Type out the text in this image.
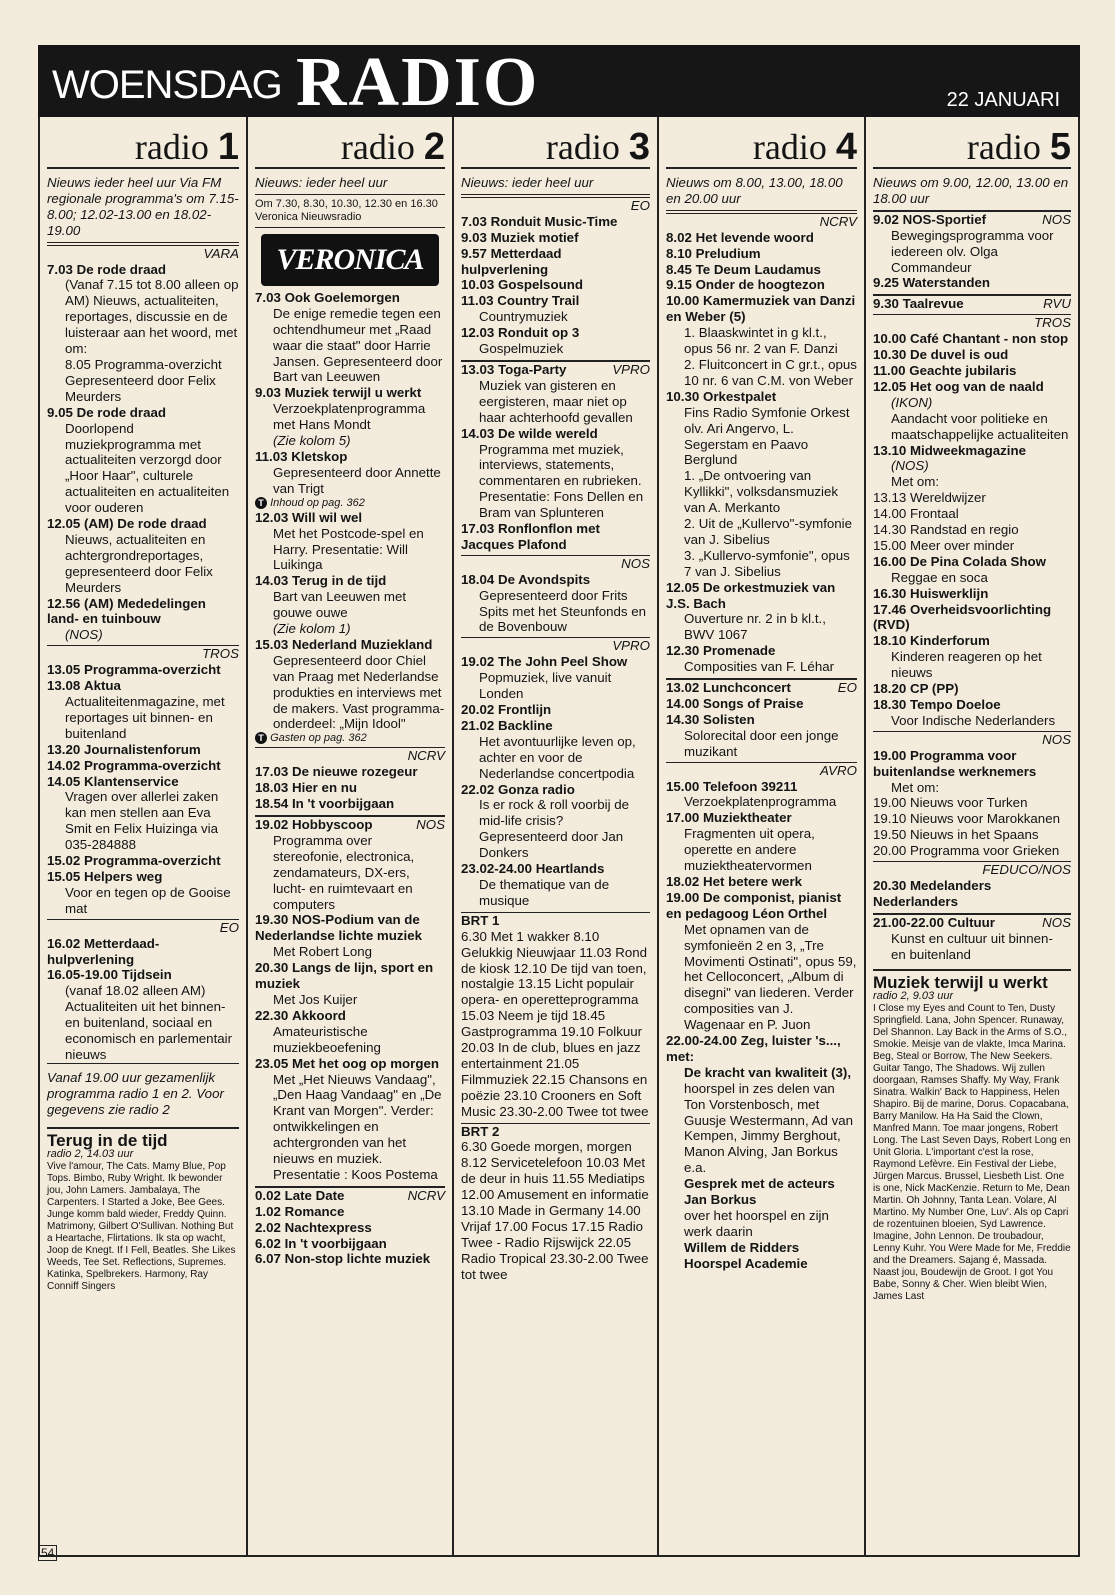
WOENSDAG RADIO	22 JANUARI
radio 1
Nieuws ieder heel uur Via FM regionale programma's om 7.15-8.00; 12.02-13.00 en 18.02-19.00
VARA
7.03 De rode draad
(Vanaf 7.15 tot 8.00 alleen op AM) Nieuws, actualiteiten, reportages, discussie en de luisteraar aan het woord, met om:
8.05 Programma-overzicht
Gepresenteerd door Felix Meurders
9.05 De rode draad
Doorlopend muziekprogramma met actualiteiten verzorgd door „Hoor Haar", culturele actualiteiten en actualiteiten voor ouderen
12.05 (AM) De rode draad
Nieuws, actualiteiten en achtergrondreportages, gepresenteerd door Felix Meurders
12.56 (AM) Mededelingen land- en tuinbouw
(NOS)
TROS
13.05 Programma-overzicht
13.08 Aktua
Actualiteitenmagazine, met reportages uit binnen- en buitenland
13.20 Journalistenforum
14.02 Programma-overzicht
14.05 Klantenservice
Vragen over allerlei zaken kan men stellen aan Eva Smit en Felix Huizinga via 035-284888
15.02 Programma-overzicht
15.05 Helpers weg
Voor en tegen op de Gooise mat
EO
16.02 Metterdaad-hulpverlening
16.05-19.00 Tijdsein
(vanaf 18.02 alleen AM) Actualiteiten uit het binnen- en buitenland, sociaal en economisch en parlementair nieuws
Vanaf 19.00 uur gezamenlijk programma radio 1 en 2. Voor gegevens zie radio 2
Terug in de tijd
radio 2, 14.03 uur
Vive l'amour, The Cats. Mamy Blue, Pop Tops. Bimbo, Ruby Wright. Ik bewonder jou, John Lamers. Jambalaya, The Carpenters. I Started a Joke, Bee Gees. Junge komm bald wieder, Freddy Quinn. Matrimony, Gilbert O'Sullivan. Nothing But a Heartache, Flirtations. Ik sta op wacht, Joop de Knegt. If I Fell, Beatles. She Likes Weeds, Tee Set. Reflections, Supremes. Katinka, Spelbrekers. Harmony, Ray Conniff Singers
radio 2
Nieuws: ieder heel uur
Om 7.30, 8.30, 10.30, 12.30 en 16.30 Veronica Nieuwsradio
VERONICA
7.03 Ook Goelemorgen
De enige remedie tegen een ochtendhumeur met „Raad waar die staat" door Harrie Jansen. Gepresenteerd door Bart van Leeuwen
9.03 Muziek terwijl u werkt
Verzoekplatenprogramma met Hans Mondt
(Zie kolom 5)
11.03 Kletskop
Gepresenteerd door Annette van Trigt
T Inhoud op pag. 362
12.03 Will wil wel
Met het Postcode-spel en Harry. Presentatie: Will Luikinga
14.03 Terug in de tijd
Bart van Leeuwen met gouwe ouwe
(Zie kolom 1)
15.03 Nederland Muziekland
Gepresenteerd door Chiel van Praag met Nederlandse produkties en interviews met de makers. Vast programma-onderdeel: „Mijn Idool"
T Gasten op pag. 362
NCRV
17.03 De nieuwe rozegeur
18.03 Hier en nu
18.54 In 't voorbijgaan
NOS
19.02 Hobbyscoop
Programma over stereofonie, electronica, zendamateurs, DX-ers, lucht- en ruimtevaart en computers
19.30 NOS-Podium van de Nederlandse lichte muziek
Met Robert Long
20.30 Langs de lijn, sport en muziek
Met Jos Kuijer
22.30 Akkoord
Amateuristische muziekbeoefening
23.05 Met het oog op morgen
Met „Het Nieuws Vandaag", „Den Haag Vandaag" en „De Krant van Morgen". Verder: ontwikkelingen en achtergronden van het nieuws en muziek. Presentatie : Koos Postema
NCRV
0.02 Late Date
1.02 Romance
2.02 Nachtexpress
6.02 In 't voorbijgaan
6.07 Non-stop lichte muziek
radio 3
Nieuws: ieder heel uur
EO
7.03 Ronduit Music-Time
9.03 Muziek motief
9.57 Metterdaad hulpverlening
10.03 Gospelsound
11.03 Country Trail
Countrymuziek
12.03 Ronduit op 3
Gospelmuziek
VPRO
13.03 Toga-Party
Muziek van gisteren en eergisteren, maar niet op haar achterhoofd gevallen
14.03 De wilde wereld
Programma met muziek, interviews, statements, commentaren en rubrieken. Presentatie: Fons Dellen en Bram van Splunteren
17.03 Ronflonflon met Jacques Plafond
NOS
18.04 De Avondspits
Gepresenteerd door Frits Spits met het Steunfonds en de Bovenbouw
VPRO
19.02 The John Peel Show
Popmuziek, live vanuit Londen
20.02 Frontlijn
21.02 Backline
Het avontuurlijke leven op, achter en voor de Nederlandse concertpodia
22.02 Gonza radio
Is er rock & roll voorbij de mid-life crisis? Gepresenteerd door Jan Donkers
23.02-24.00 Heartlands
De thematique van de musique
BRT 1
6.30 Met 1 wakker 8.10 Gelukkig Nieuwjaar 11.03 Rond de kiosk 12.10 De tijd van toen, nostalgie 13.15 Licht populair opera- en operetteprogramma 15.03 Neem je tijd 18.45 Gastprogramma 19.10 Folkuur 20.03 In de club, blues en jazz entertainment 21.05 Filmmuziek 22.15 Chansons en poëzie 23.10 Crooners en Soft Music 23.30-2.00 Twee tot twee
BRT 2
6.30 Goede morgen, morgen 8.12 Servicetelefoon 10.03 Met de deur in huis 11.55 Mediatips 12.00 Amusement en informatie 13.10 Made in Germany 14.00 Vrijaf 17.00 Focus 17.15 Radio Twee - Radio Rijswijck 22.05 Radio Tropical 23.30-2.00 Twee tot twee
radio 4
Nieuws om 8.00, 13.00, 18.00 en 20.00 uur
NCRV
8.02 Het levende woord
8.10 Preludium
8.45 Te Deum Laudamus
9.15 Onder de hoogtezon
10.00 Kamermuziek van Danzi en Weber (5)
1. Blaaskwintet in g kl.t., opus 56 nr. 2 van F. Danzi
2. Fluitconcert in C gr.t., opus 10 nr. 6 van C.M. von Weber
10.30 Orkestpalet
Fins Radio Symfonie Orkest olv. Ari Angervo, L. Segerstam en Paavo Berglund
1. „De ontvoering van Kyllikki", volksdansmuziek van A. Merkanto
2. Uit de „Kullervo"-symfonie van J. Sibelius
3. „Kullervo-symfonie", opus 7 van J. Sibelius
12.05 De orkestmuziek van J.S. Bach
Ouverture nr. 2 in b kl.t., BWV 1067
12.30 Promenade
Composities van F. Léhar
EO
13.02 Lunchconcert
14.00 Songs of Praise
14.30 Solisten
Solorecital door een jonge muzikant
AVRO
15.00 Telefoon 39211
Verzoekplatenprogramma
17.00 Muziektheater
Fragmenten uit opera, operette en andere muziektheatervormen
18.02 Het betere werk
19.00 De componist, pianist en pedagoog Léon Orthel
Met opnamen van de symfonieën 2 en 3, „Tre Movimenti Ostinati", opus 59, het Celloconcert, „Album di disegni" van liederen. Verder composities van J. Wagenaar en P. Juon
22.00-24.00 Zeg, luister 's..., met:
De kracht van kwaliteit (3),
hoorspel in zes delen van Ton Vorstenbosch, met Guusje Westermann, Ad van Kempen, Jimmy Berghout, Manon Alving, Jan Borkus e.a.
Gesprek met de acteurs Jan Borkus
over het hoorspel en zijn werk daarin
Willem de Ridders Hoorspel Academie
radio 5
Nieuws om 9.00, 12.00, 13.00 en 18.00 uur
NOS
9.02 NOS-Sportief
Bewegingsprogramma voor iedereen olv. Olga Commandeur
9.25 Waterstanden
RVU
9.30 Taalrevue
TROS
10.00 Café Chantant - non stop
10.30 De duvel is oud
11.00 Geachte jubilaris
12.05 Het oog van de naald
(IKON)
Aandacht voor politieke en maatschappelijke actualiteiten
13.10 Midweekmagazine
(NOS)
Met om:
13.13 Wereldwijzer
14.00 Frontaal
14.30 Randstad en regio
15.00 Meer over minder
16.00 De Pina Colada Show
Reggae en soca
16.30 Huiswerklijn
17.46 Overheidsvoorlichting (RVD)
18.10 Kinderforum
Kinderen reageren op het nieuws
18.20 CP (PP)
18.30 Tempo Doeloe
Voor Indische Nederlanders
NOS
19.00 Programma voor buitenlandse werknemers
Met om:
19.00 Nieuws voor Turken
19.10 Nieuws voor Marokkanen
19.50 Nieuws in het Spaans
20.00 Programma voor Grieken
FEDUCO/NOS
20.30 Medelanders Nederlanders
NOS
21.00-22.00 Cultuur
Kunst en cultuur uit binnen- en buitenland
Muziek terwijl u werkt
radio 2, 9.03 uur
I Close my Eyes and Count to Ten, Dusty Springfield. Lana, John Spencer. Runaway, Del Shannon. Lay Back in the Arms of S.O., Smokie. Meisje van de vlakte, Imca Marina. Beg, Steal or Borrow, The New Seekers. Guitar Tango, The Shadows. Wij zullen doorgaan, Ramses Shaffy. My Way, Frank Sinatra. Walkin' Back to Happiness, Helen Shapiro. Bij de marine, Dorus. Copacabana, Barry Manilow. Ha Ha Said the Clown, Manfred Mann. Toe maar jongens, Robert Long. The Last Seven Days, Robert Long en Unit Gloria. L'important c'est la rose, Raymond Lefèvre. Ein Festival der Liebe, Jürgen Marcus. Brussel, Liesbeth List. One is one, Nick MacKenzie. Return to Me, Dean Martin. Oh Johnny, Tanta Lean. Volare, Al Martino. My Number One, Luv'. Als op Capri de rozentuinen bloeien, Syd Lawrence. Imagine, John Lennon. De troubadour, Lenny Kuhr. You Were Made for Me, Freddie and the Dreamers. Sajang é, Massada. Naast jou, Boudewijn de Groot. I got You Babe, Sonny & Cher. Wien bleibt Wien, James Last
54
